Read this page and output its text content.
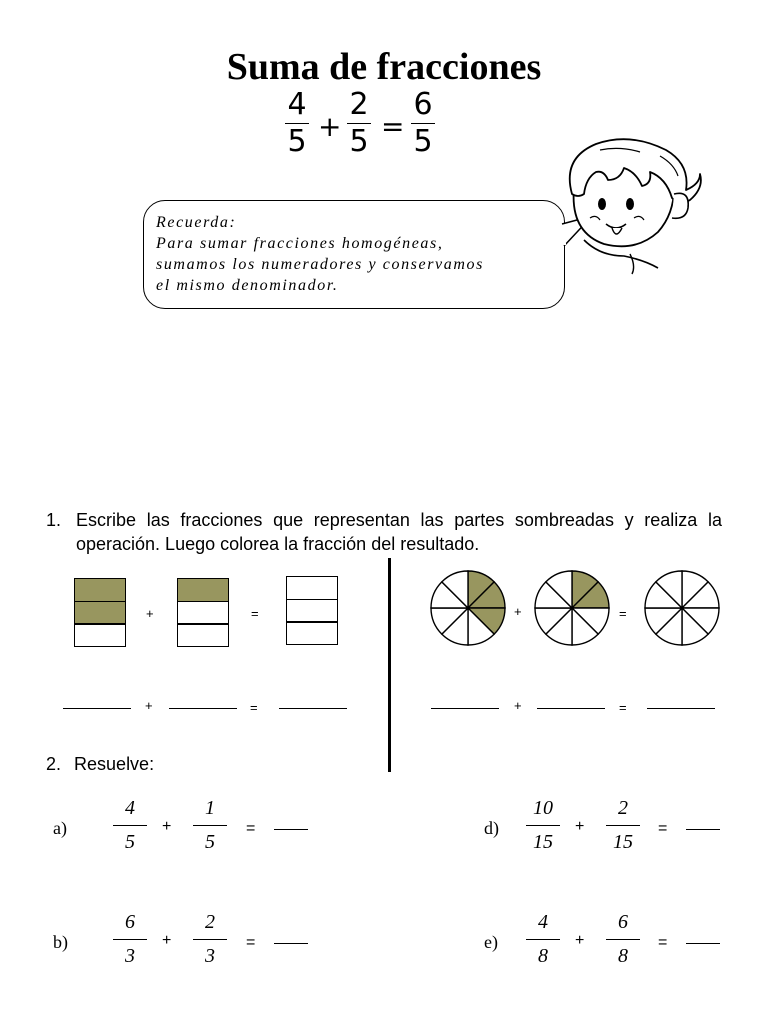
Suma de fracciones
4
5 +
2
5 =
6
5
Recuerda:
Para sumar fracciones homogéneas,
sumamos los numeradores y conservamos
el mismo denominador.
1. Escribe las fracciones que representan las partes sombreadas y realiza la operación. Luego colorea la fracción del resultado.
+	=
+	=
+	=
+	=
2. Resuelve:
a)
4
5
+
1
5
=
b)
6
3
+
2
3
=
d)
10
15
+
2
15
=
e)
4
8
+
6
8
=
